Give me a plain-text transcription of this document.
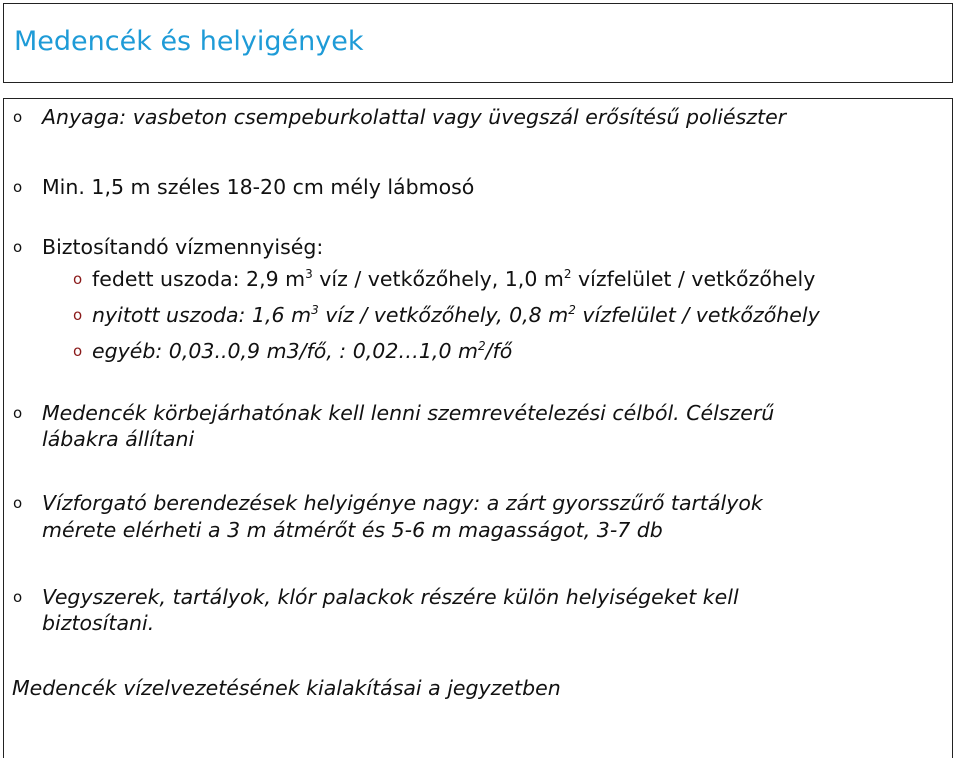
Medencék és helyigények
ο Anyaga: vasbeton csempeburkolattal vagy üvegszál erősítésű poliészter
ο Min. 1,5 m széles 18-20 cm mély lábmosó
ο Biztosítandó vízmennyiség:
ο fedett uszoda: 2,9 $m^3$ víz / vetkőzőhely, 1,0 $m^2$ vízfelület / vetkőzőhely
ο nyitott uszoda: 1,6 $m^3$ víz / vetkőzőhely, 0,8 $m^2$ vízfelület / vetkőzőhely
ο egyéb: 0,03..0,9 m3/fő, : 0,02…1,0 $m^2/fő$
ο Medencék körbejárhatónak kell lenni szemrevételezési célból. Célszerű
lábakra állítani
ο Vízforgató berendezések helyigénye nagy: a zárt gyorsszűrő tartályok
mérete elérheti a 3 m átmérőt és 5-6 m magasságot, 3-7 db
ο Vegyszerek, tartályok, klór palackok részére külön helyiségeket kell
biztosítani.
Medencék vízelvezetésének kialakításai a jegyzetben
